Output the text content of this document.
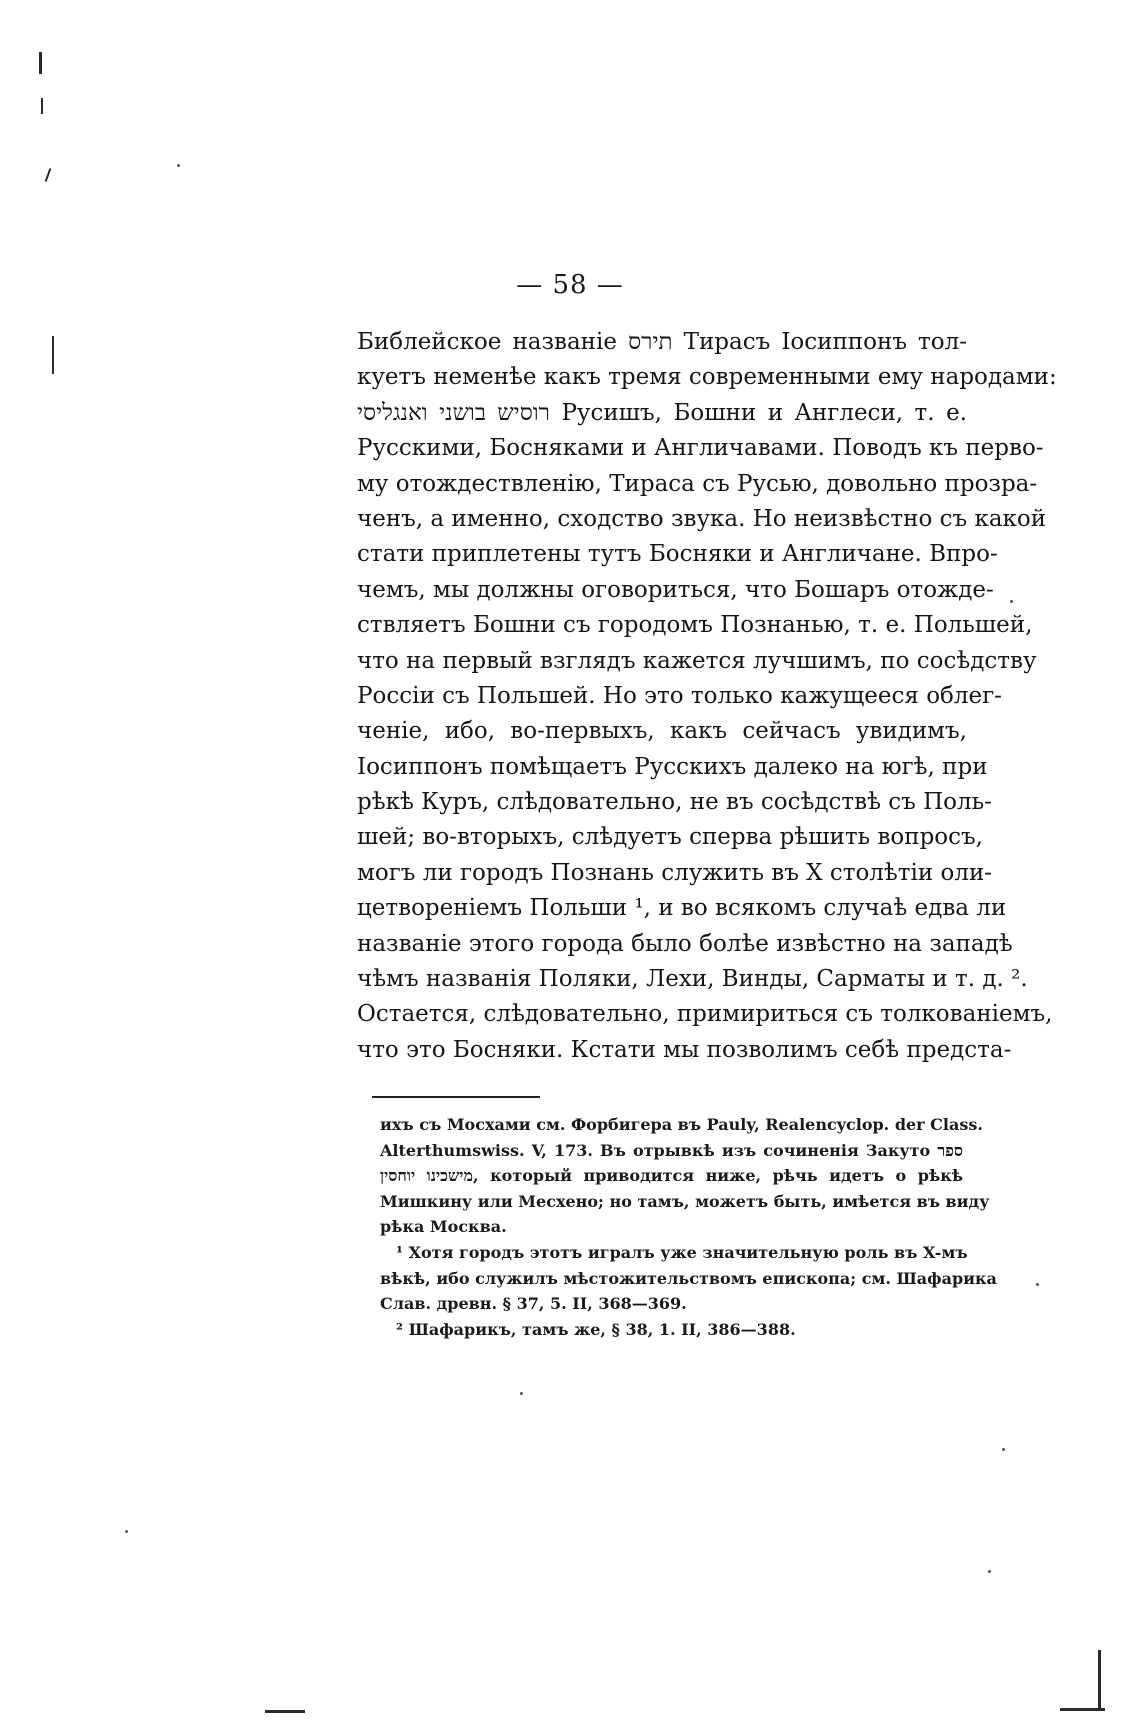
— 58 —
Библейское названіе תירס Тирасъ Іосиппонъ тол-
куетъ неменѣе какъ тремя современными ему народами:
רוסיש בושני ואנגליסי Русишъ, Бошни и Англеси, т. е.
Русскими, Босняками и Англичавами. Поводъ къ перво-
му отождествленію, Тираса съ Русью, довольно прозра-
ченъ, а именно, сходство звука. Но неизвѣстно съ какой
стати приплетены тутъ Босняки и Англичане. Впро-
чемъ, мы должны оговориться, что Бошаръ отожде-
ствляетъ Бошни съ городомъ Познанью, т. е. Польшей,
что на первый взглядъ кажется лучшимъ, по сосѣдству
Россіи съ Польшей. Но это только кажущееся облег-
ченіе, ибо, во-первыхъ, какъ сейчасъ увидимъ,
Іосиппонъ помѣщаетъ Русскихъ далеко на югѣ, при
рѣкѣ Куръ, слѣдовательно, не въ сосѣдствѣ съ Поль-
шей; во-вторыхъ, слѣдуетъ сперва рѣшить вопросъ,
могъ ли городъ Познань служить въ X столѣтіи оли-
цетвореніемъ Польши ¹, и во всякомъ случаѣ едва ли
названіе этого города было болѣе извѣстно на западѣ
чѣмъ названія Поляки, Лехи, Винды, Сарматы и т. д. ².
Остается, слѣдовательно, примириться съ толкованіемъ,
что это Босняки. Кстати мы позволимъ себѣ предста-
ихъ съ Мосхами см. Форбигера въ Pauly, Realencyclop. der Class.
Alterthumswiss. V, 173. Въ отрывкѣ изъ сочиненія Закуто ספר
מישכינו יוחסין, который приводится ниже, рѣчь идетъ о рѣкѣ
Мишкину или Месхено; но тамъ, можетъ быть, имѣется въ виду
рѣка Москва.
¹ Хотя городъ этотъ игралъ уже значительную роль въ X-мъ
вѣкѣ, ибо служилъ мѣстожительствомъ епископа; см. Шафарика
Слав. древн. § 37, 5. II, 368—369.
² Шафарикъ, тамъ же, § 38, 1. II, 386—388.
